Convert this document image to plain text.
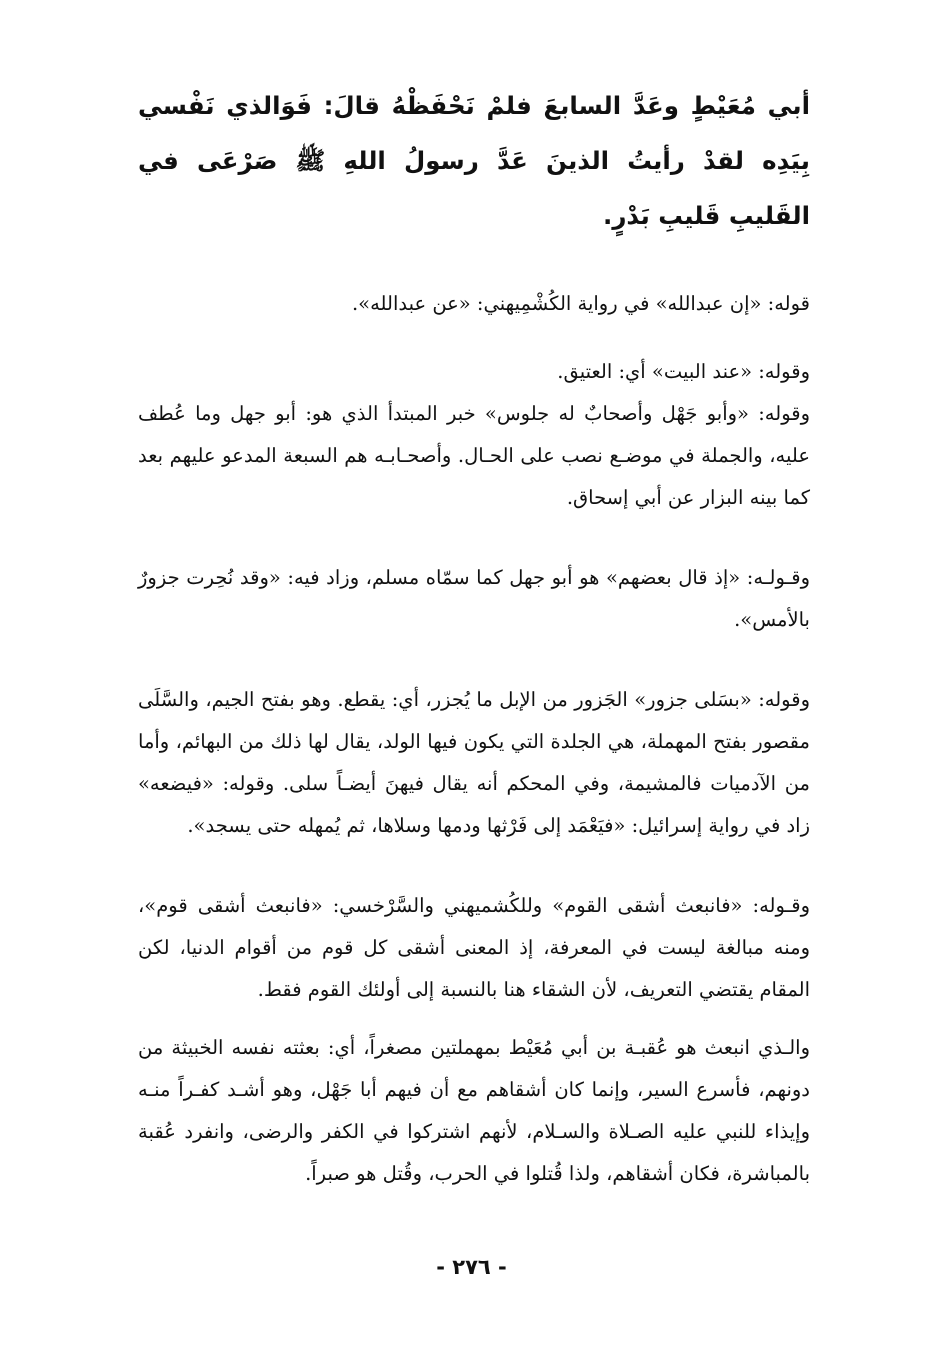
أبي مُعَيْطٍ وعَدَّ السابعَ فلمْ نَحْفَظْهُ قالَ: فَوَالذي نَفْسي بِيَدِه لقدْ رأيتُ الذينَ عَدَّ رسولُ اللهِ ﷺ صَرْعَى في القَليبِ قَليبِ بَدْرٍ.

قوله: «إن عبدالله» في رواية الكُشْمِيهني: «عن عبدالله».

وقوله: «عند البيت» أي: العتيق.

وقوله: «وأبو جَهْل وأصحابٌ له جلوس» خبر المبتدأ الذي هو: أبو جهل وما عُطف عليه، والجملة في موضـع نصب على الحـال. وأصحـابـه هم السبعة المدعو عليهم بعد كما بينه البزار عن أبي إسحاق.

وقـولـه: «إذ قال بعضهم» هو أبو جهل كما سمّاه مسلم، وزاد فيه: «وقد نُحِرت جزورٌ بالأمس».

وقوله: «بسَلى جزور» الجَزور من الإبل ما يُجزر، أي: يقطع. وهو بفتح الجيم، والسَّلَى مقصور بفتح المهملة، هي الجلدة التي يكون فيها الولد، يقال لها ذلك من البهائم، وأما من الآدميات فالمشيمة، وفي المحكم أنه يقال فيهنَ أيضـاً سلى. وقوله: «فيضعه» زاد في رواية إسرائيل: «فيَعْمَد إلى فَرْثها ودمها وسلاها، ثم يُمهله حتى يسجد».

وقـوله: «فانبعث أشقى القوم» وللكُشميهني والسَّرْخسي: «فانبعث أشقى قوم»، ومنه مبالغة ليست في المعرفة، إذ المعنى أشقى كل قوم من أقوام الدنيا، لكن المقام يقتضي التعريف، لأن الشقاء هنا بالنسبة إلى أولئك القوم فقط.

والـذي انبعث هو عُقبـة بن أبي مُعَيْط بمهملتين مصغراً، أي: بعثته نفسه الخبيثة من دونهم، فأسرع السير، وإنما كان أشقاهم مع أن فيهم أبا جَهْل، وهو أشـد كفـراً منـه وإيذاء للنبي عليه الصـلاة والسـلام، لأنهم اشتركوا في الكفر والرضى، وانفرد عُقبة بالمباشرة، فكان أشقاهم، ولذا قُتلوا في الحرب، وقُتل هو صبراً.

- ٢٧٦ -
